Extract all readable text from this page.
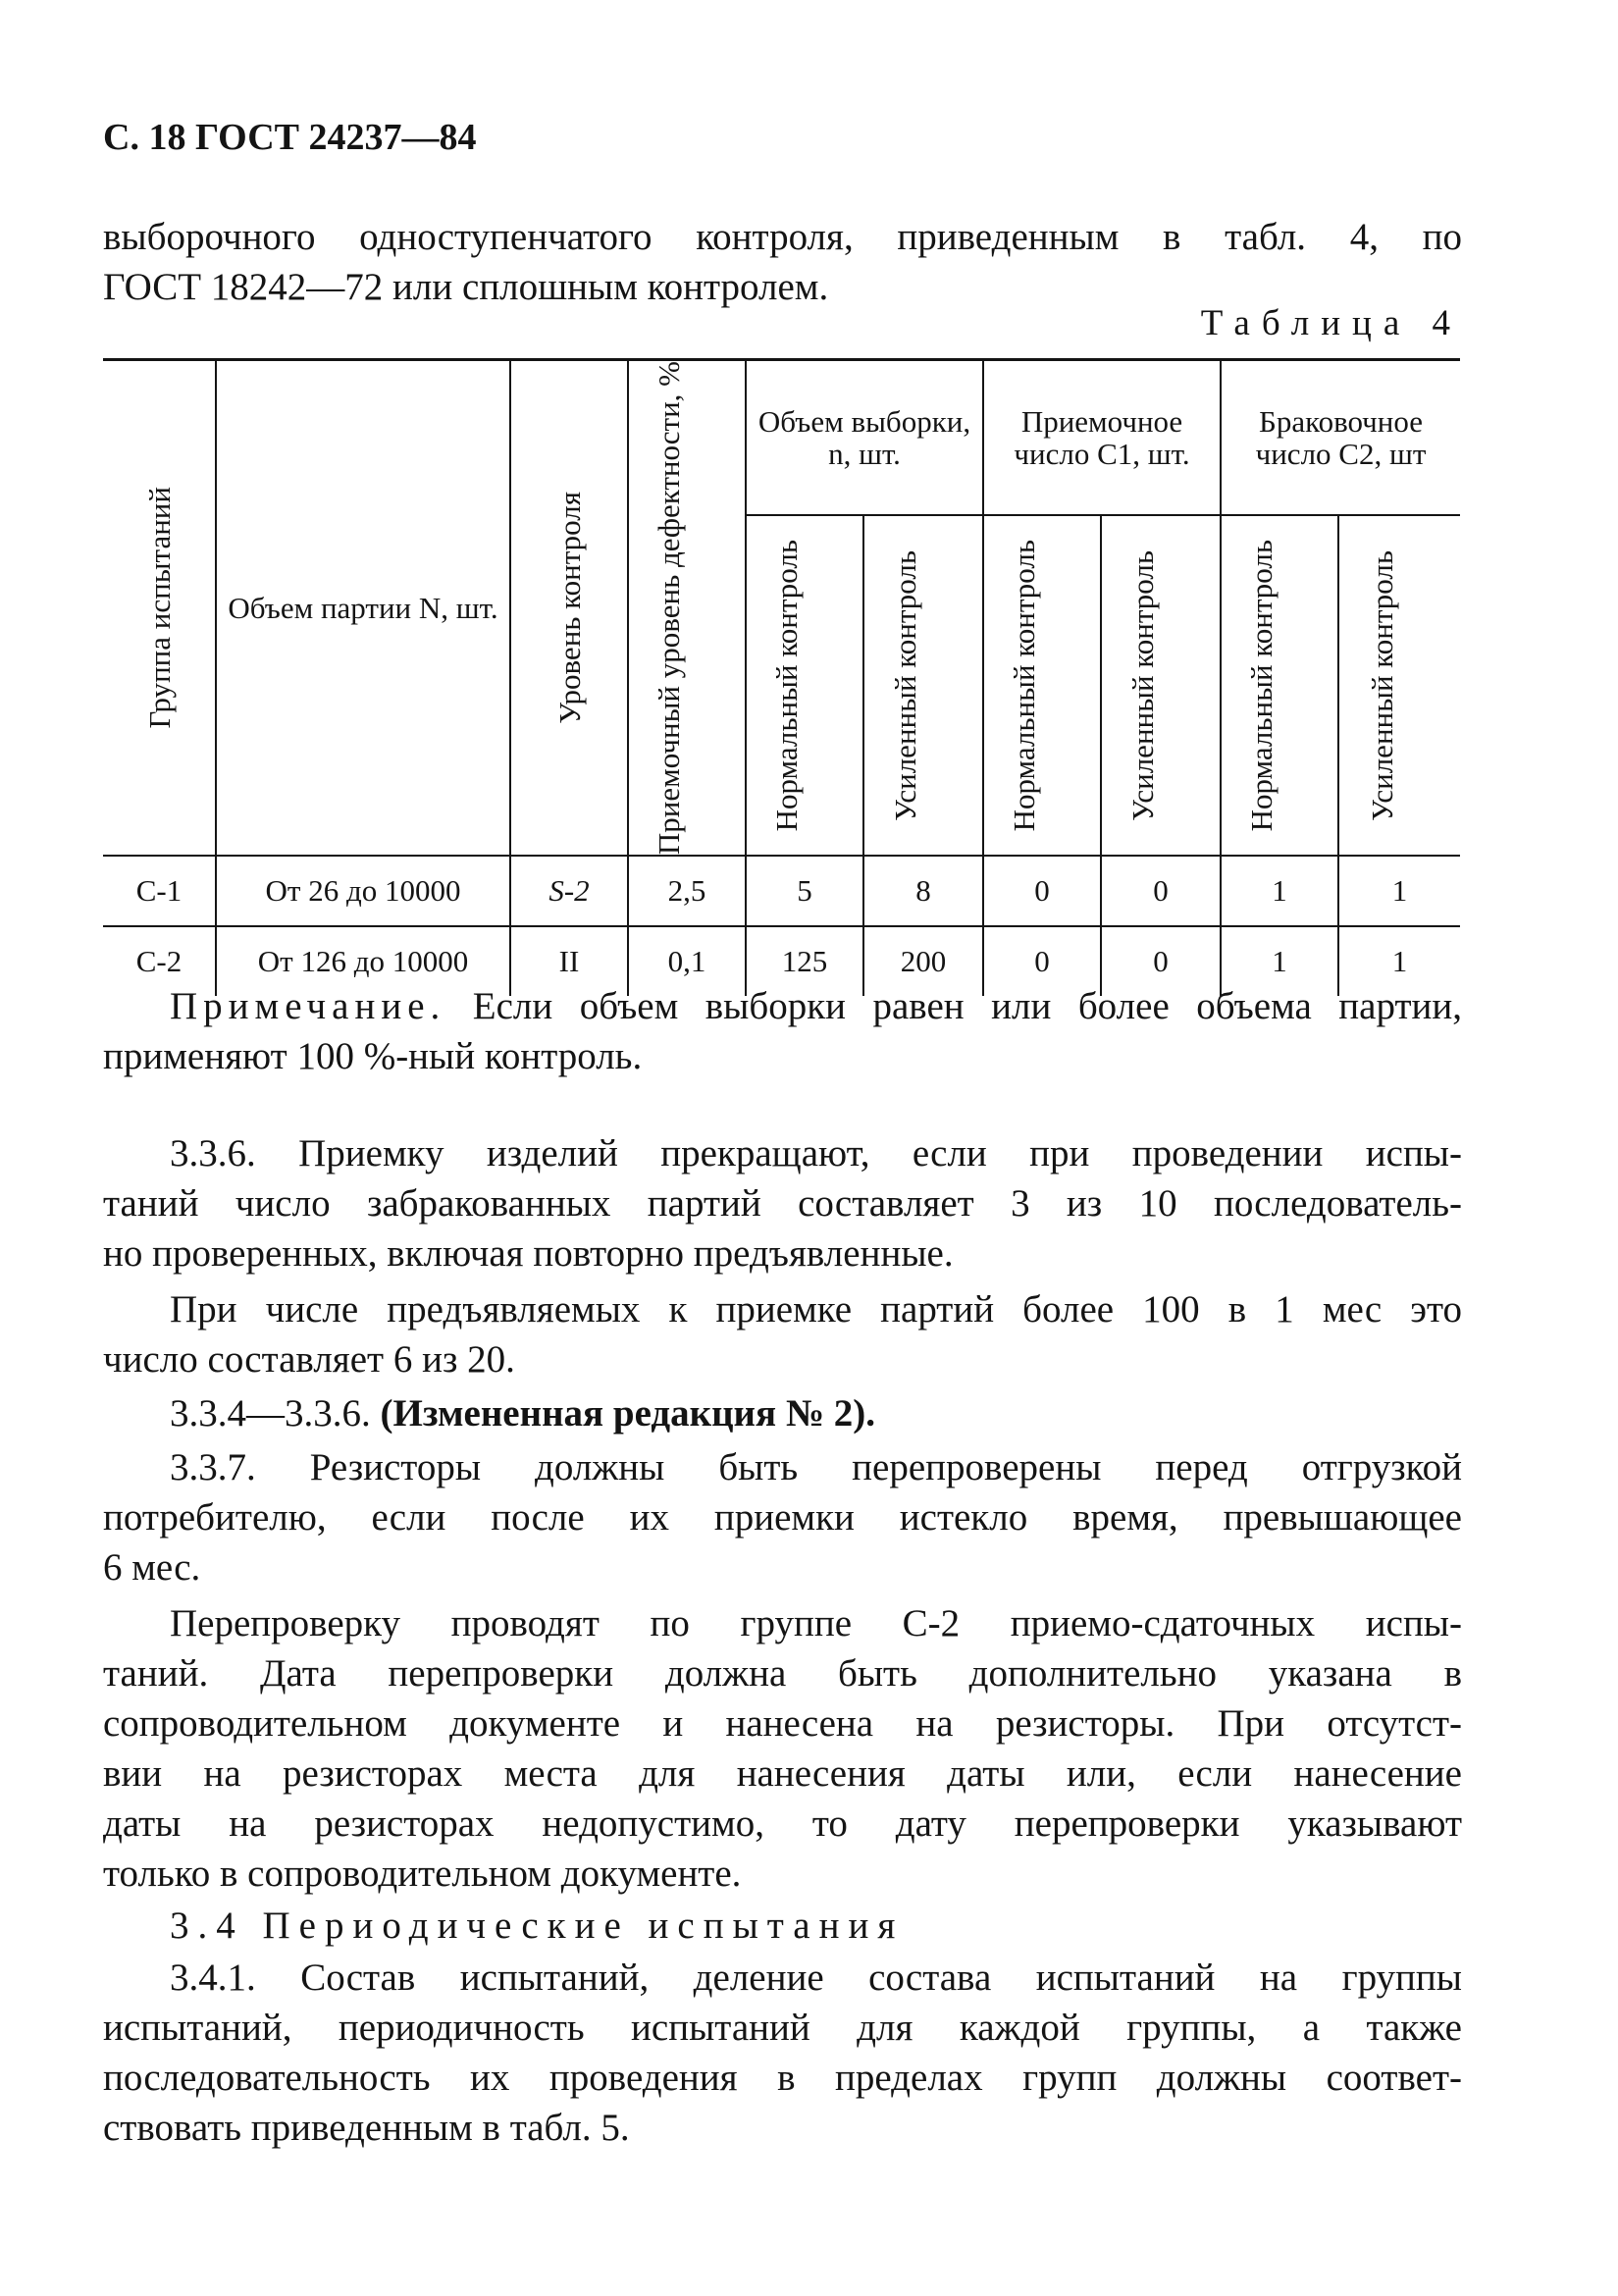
С. 18 ГОСТ 24237—84
выборочного одноступенчатого контроля, приведенным в табл. 4, по
ГОСТ 18242—72 или сплошным контролем.
Таблица 4
Группа испытаний	Объем партии N, шт.	Уровень контроля	Приемочный уровень дефектности, %	Объем выборки, n, шт.		Приемочное число C1, шт.		Браковочное число C2, шт	

				Нормальный контроль	Усиленный контроль	Нормальный контроль	Усиленный контроль	Нормальный контроль	Усиленный контроль

С-1	От 26 до 10000	S-2	2,5	5	8	0	0	1	1
С-2	От 126 до 10000	II	0,1	125	200	0	0	1	1
Примечание. Если объем выборки равен или более объема партии,
применяют 100 %-ный контроль.
3.3.6. Приемку изделий прекращают, если при проведении испы-
таний число забракованных партий составляет 3 из 10 последователь-
но проверенных, включая повторно предъявленные.
При числе предъявляемых к приемке партий более 100 в 1 мес это
число составляет 6 из 20.
3.3.4—3.3.6. (Измененная редакция № 2).
3.3.7. Резисторы должны быть перепроверены перед отгрузкой
потребителю, если после их приемки истекло время, превышающее
6 мес.
Перепроверку проводят по группе С-2 приемо-сдаточных испы-
таний. Дата перепроверки должна быть дополнительно указана в
сопроводительном документе и нанесена на резисторы. При отсутст-
вии на резисторах места для нанесения даты или, если нанесение
даты на резисторах недопустимо, то дату перепроверки указывают
только в сопроводительном документе.
3.4 Периодические испытания
3.4.1. Состав испытаний, деление состава испытаний на группы
испытаний, периодичность испытаний для каждой группы, а также
последовательность их проведения в пределах групп должны соответ-
ствовать приведенным в табл. 5.
